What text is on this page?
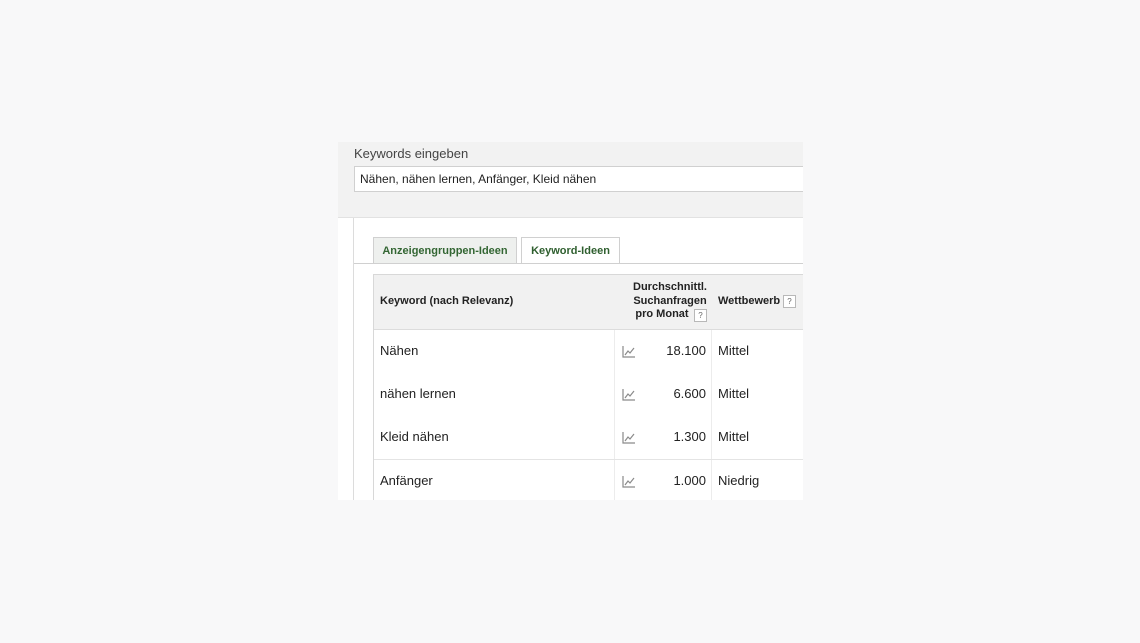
Keywords eingeben
Nähen, nähen lernen, Anfänger, Kleid nähen
Anzeigengruppen-Ideen Keyword-Ideen
Keyword (nach Relevanz)
Durchschnittl.
Suchanfragen
pro Monat	?
Wettbewerb ?
Nähen	18.100 Mittel
nähen lernen	6.600 Mittel
Kleid nähen	1.300 Mittel
Anfänger	1.000 Niedrig
